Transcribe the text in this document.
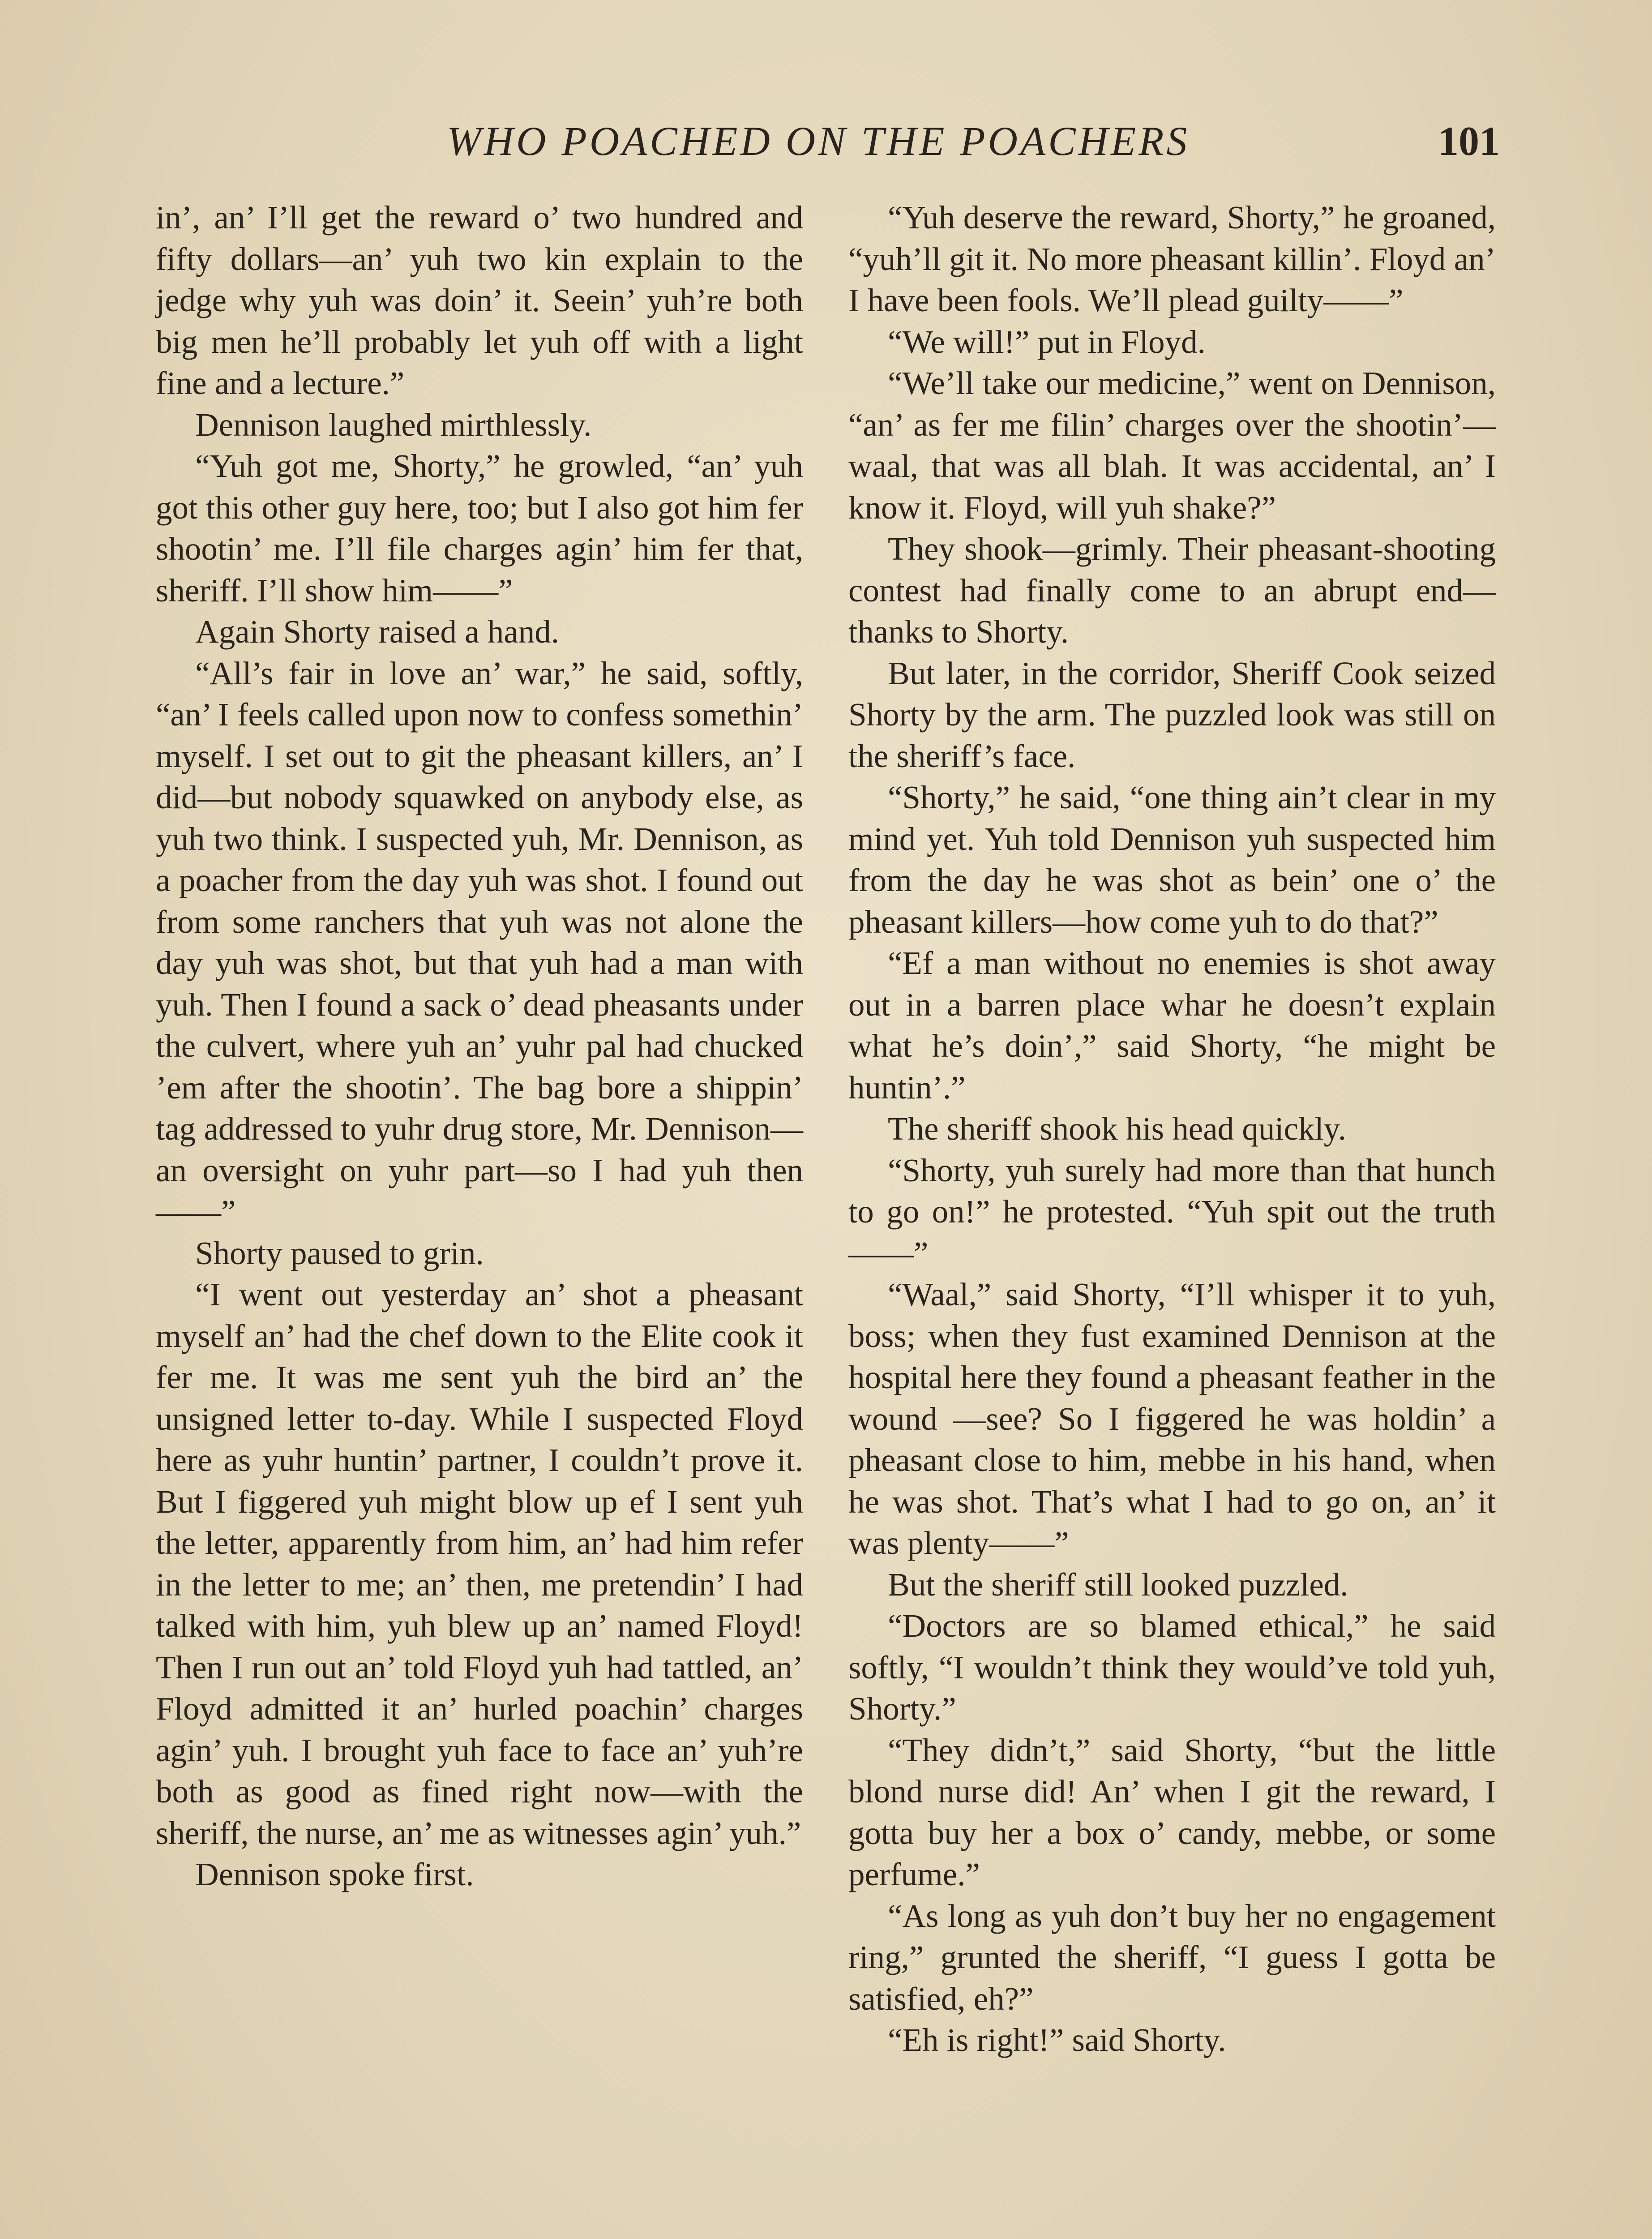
WHO POACHED ON THE POACHERS	101

in’, an’ I’ll get the reward o’ two hundred and fifty dollars—an’ yuh two kin explain to the jedge why yuh was doin’ it. Seein’ yuh’re both big men he’ll probably let yuh off with a light fine and a lecture.”

Dennison laughed mirthlessly.

“Yuh got me, Shorty,” he growled, “an’ yuh got this other guy here, too; but I also got him fer shootin’ me. I’ll file charges agin’ him fer that, sheriff. I’ll show him——”

Again Shorty raised a hand.

“All’s fair in love an’ war,” he said, softly, “an’ I feels called upon now to confess somethin’ myself. I set out to git the pheasant killers, an’ I did—but nobody squawked on anybody else, as yuh two think. I suspected yuh, Mr. Dennison, as a poacher from the day yuh was shot. I found out from some ranchers that yuh was not alone the day yuh was shot, but that yuh had a man with yuh. Then I found a sack o’ dead pheasants under the culvert, where yuh an’ yuhr pal had chucked ’em after the shootin’. The bag bore a shippin’ tag addressed to yuhr drug store, Mr. Dennison—an oversight on yuhr part—so I had yuh then——”

Shorty paused to grin.

“I went out yesterday an’ shot a pheasant myself an’ had the chef down to the Elite cook it fer me. It was me sent yuh the bird an’ the unsigned letter to-day. While I suspected Floyd here as yuhr huntin’ partner, I couldn’t prove it. But I figgered yuh might blow up ef I sent yuh the letter, apparently from him, an’ had him refer in the letter to me; an’ then, me pretendin’ I had talked with him, yuh blew up an’ named Floyd! Then I run out an’ told Floyd yuh had tattled, an’ Floyd admitted it an’ hurled poachin’ charges agin’ yuh. I brought yuh face to face an’ yuh’re both as good as fined right now—with the sheriff, the nurse, an’ me as witnesses agin’ yuh.”

Dennison spoke first.

“Yuh deserve the reward, Shorty,” he groaned, “yuh’ll git it. No more pheasant killin’. Floyd an’ I have been fools. We’ll plead guilty——”

“We will!” put in Floyd.

“We’ll take our medicine,” went on Dennison, “an’ as fer me filin’ charges over the shootin’—waal, that was all blah. It was accidental, an’ I know it. Floyd, will yuh shake?”

They shook—grimly. Their pheasant-shooting contest had finally come to an abrupt end—thanks to Shorty.

But later, in the corridor, Sheriff Cook seized Shorty by the arm. The puzzled look was still on the sheriff’s face.

“Shorty,” he said, “one thing ain’t clear in my mind yet. Yuh told Dennison yuh suspected him from the day he was shot as bein’ one o’ the pheasant killers—how come yuh to do that?”

“Ef a man without no enemies is shot away out in a barren place whar he doesn’t explain what he’s doin’,” said Shorty, “he might be huntin’.”

The sheriff shook his head quickly.

“Shorty, yuh surely had more than that hunch to go on!” he protested. “Yuh spit out the truth——”

“Waal,” said Shorty, “I’ll whisper it to yuh, boss; when they fust examined Dennison at the hospital here they found a pheasant feather in the wound —see? So I figgered he was holdin’ a pheasant close to him, mebbe in his hand, when he was shot. That’s what I had to go on, an’ it was plenty——”

But the sheriff still looked puzzled.

“Doctors are so blamed ethical,” he said softly, “I wouldn’t think they would’ve told yuh, Shorty.”

“They didn’t,” said Shorty, “but the little blond nurse did! An’ when I git the reward, I gotta buy her a box o’ candy, mebbe, or some perfume.”

“As long as yuh don’t buy her no engagement ring,” grunted the sheriff, “I guess I gotta be satisfied, eh?”

“Eh is right!” said Shorty.
